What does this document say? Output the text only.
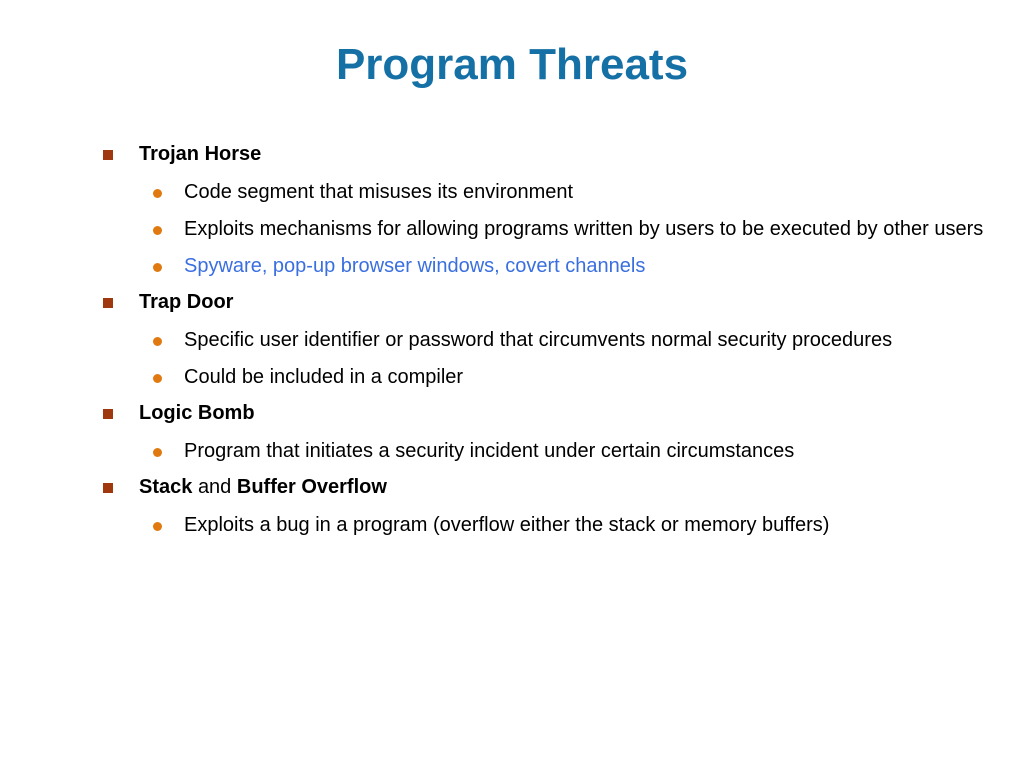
Program Threats
Trojan Horse
Code segment that misuses its environment
Exploits mechanisms for allowing programs written by users to be executed by other users
Spyware, pop-up browser windows, covert channels
Trap Door
Specific user identifier or password that circumvents normal security procedures
Could be included in a compiler
Logic Bomb
Program that initiates a security incident under certain circumstances
Stack and Buffer Overflow
Exploits a bug in a program (overflow either the stack or memory buffers)
